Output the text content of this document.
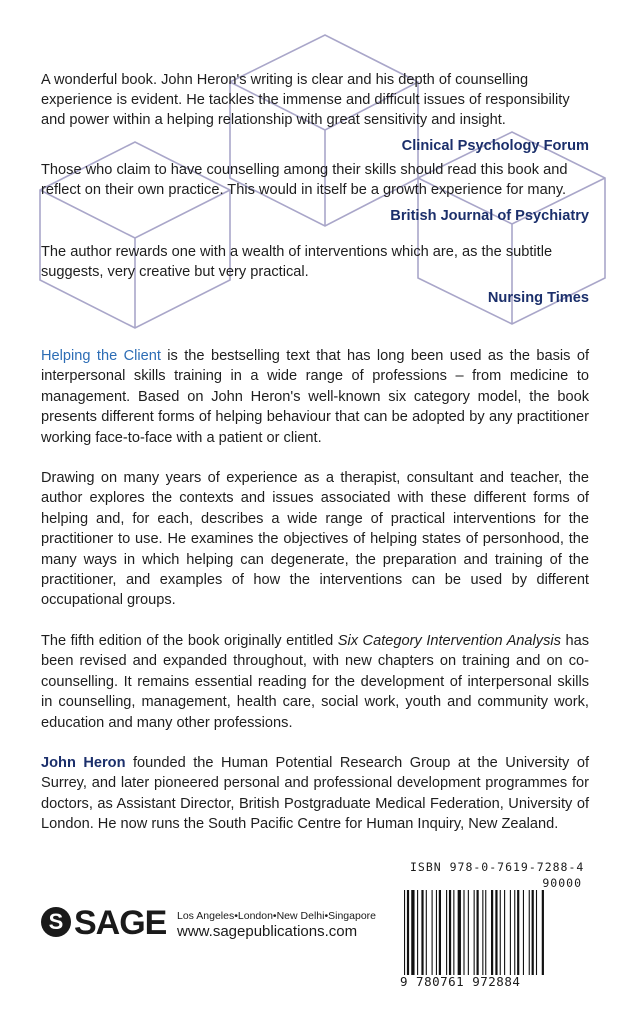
A wonderful book. John Heron's writing is clear and his depth of counselling experience is evident. He tackles the immense and difficult issues of responsibility and power within a helping relationship with great sensitivity and insight.

Clinical Psychology Forum

Those who claim to have counselling among their skills should read this book and reflect on their own practice. This would in itself be a growth experience for many.

British Journal of Psychiatry

The author rewards one with a wealth of interventions which are, as the subtitle suggests, very creative but very practical.

Nursing Times

Helping the Client is the bestselling text that has long been used as the basis of interpersonal skills training in a wide range of professions – from medicine to management. Based on John Heron's well-known six category model, the book presents different forms of helping behaviour that can be adopted by any practitioner working face-to-face with a patient or client.

Drawing on many years of experience as a therapist, consultant and teacher, the author explores the contexts and issues associated with these different forms of helping and, for each, describes a wide range of practical interventions for the practitioner to use. He examines the objectives of helping states of personhood, the many ways in which helping can degenerate, the preparation and training of the practitioner, and examples of how the interventions can be used by different occupational groups.

The fifth edition of the book originally entitled Six Category Intervention Analysis has been revised and expanded throughout, with new chapters on training and on co-counselling. It remains essential reading for the development of interpersonal skills in counselling, management, health care, social work, youth and community work, education and many other professions.

John Heron founded the Human Potential Research Group at the University of Surrey, and later pioneered personal and professional development programmes for doctors, as Assistant Director, British Postgraduate Medical Federation, University of London. He now runs the South Pacific Centre for Human Inquiry, New Zealand.

S SAGE Los Angeles•London•New Delhi•Singapore
www.sagepublications.com
ISBN 978-0-7619-7288-4
90000
9 780761 972884
